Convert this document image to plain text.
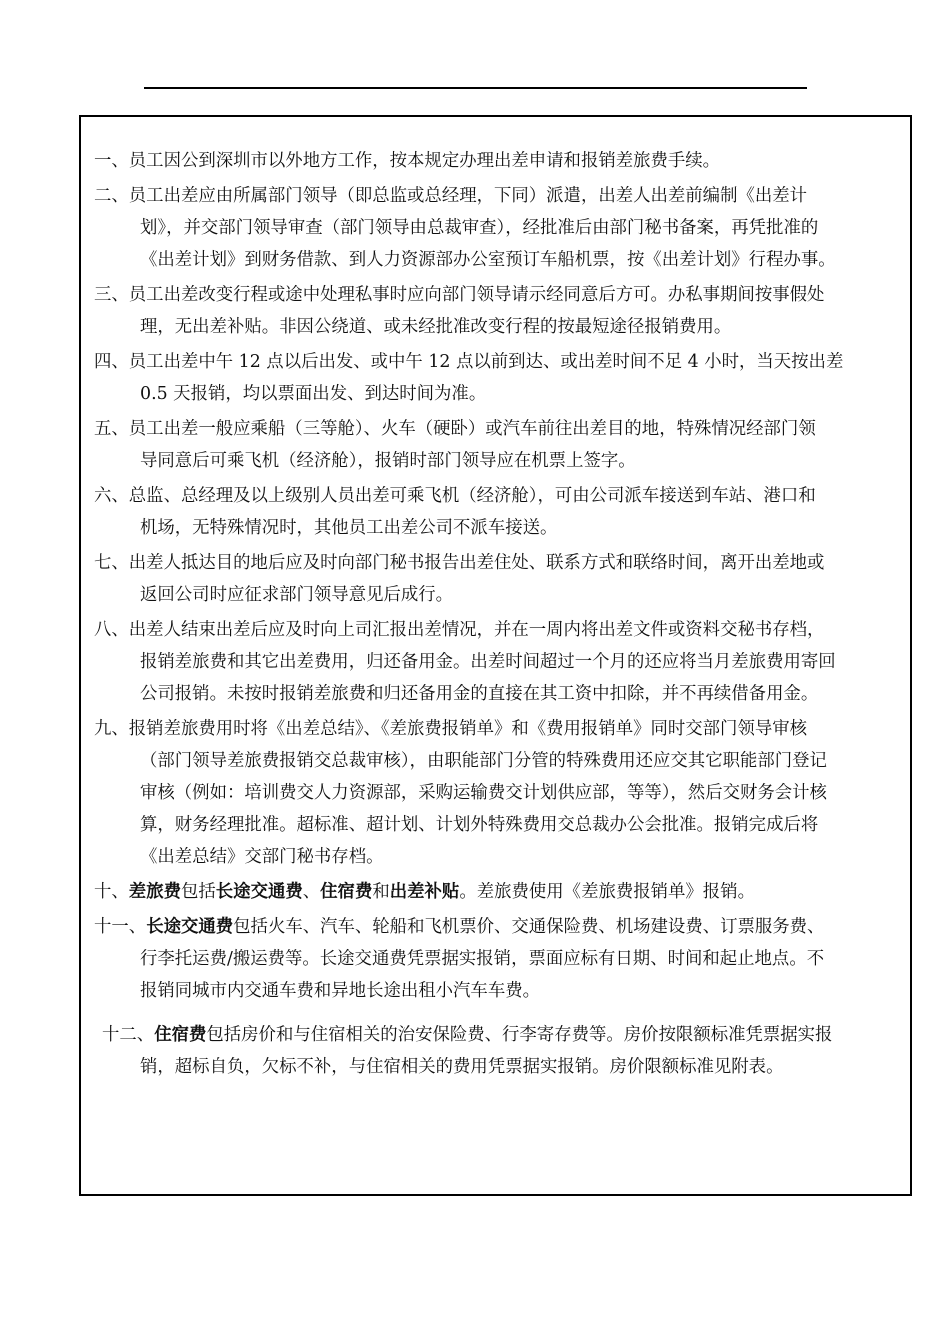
一、员工因公到深圳市以外地方工作，按本规定办理出差申请和报销差旅费手续。
二、员工出差应由所属部门领导（即总监或总经理，下同）派遣，出差人出差前编制《出差计
划》，并交部门领导审查（部门领导由总裁审查），经批准后由部门秘书备案，再凭批准的
《出差计划》到财务借款、到人力资源部办公室预订车船机票，按《出差计划》行程办事。
三、员工出差改变行程或途中处理私事时应向部门领导请示经同意后方可。办私事期间按事假处
理，无出差补贴。非因公绕道、或未经批准改变行程的按最短途径报销费用。
四、员工出差中午 12 点以后出发、或中午 12 点以前到达、或出差时间不足 4 小时，当天按出差
0.5 天报销，均以票面出发、到达时间为准。
五、员工出差一般应乘船（三等舱）、火车（硬卧）或汽车前往出差目的地，特殊情况经部门领
导同意后可乘飞机（经济舱），报销时部门领导应在机票上签字。
六、总监、总经理及以上级别人员出差可乘飞机（经济舱），可由公司派车接送到车站、港口和
机场，无特殊情况时，其他员工出差公司不派车接送。
七、出差人抵达目的地后应及时向部门秘书报告出差住处、联系方式和联络时间，离开出差地或
返回公司时应征求部门领导意见后成行。
八、出差人结束出差后应及时向上司汇报出差情况，并在一周内将出差文件或资料交秘书存档，
报销差旅费和其它出差费用，归还备用金。出差时间超过一个月的还应将当月差旅费用寄回
公司报销。未按时报销差旅费和归还备用金的直接在其工资中扣除，并不再续借备用金。
九、报销差旅费用时将《出差总结》、《差旅费报销单》和《费用报销单》同时交部门领导审核
（部门领导差旅费报销交总裁审核），由职能部门分管的特殊费用还应交其它职能部门登记
审核（例如：培训费交人力资源部，采购运输费交计划供应部，等等），然后交财务会计核
算，财务经理批准。超标准、超计划、计划外特殊费用交总裁办公会批准。报销完成后将
《出差总结》交部门秘书存档。
十、差旅费包括长途交通费、住宿费和出差补贴。差旅费使用《差旅费报销单》报销。
十一、长途交通费包括火车、汽车、轮船和飞机票价、交通保险费、机场建设费、订票服务费、
行李托运费/搬运费等。长途交通费凭票据实报销，票面应标有日期、时间和起止地点。不
报销同城市内交通车费和异地长途出租小汽车车费。
十二、住宿费包括房价和与住宿相关的治安保险费、行李寄存费等。房价按限额标准凭票据实报
销，超标自负，欠标不补，与住宿相关的费用凭票据实报销。房价限额标准见附表。
